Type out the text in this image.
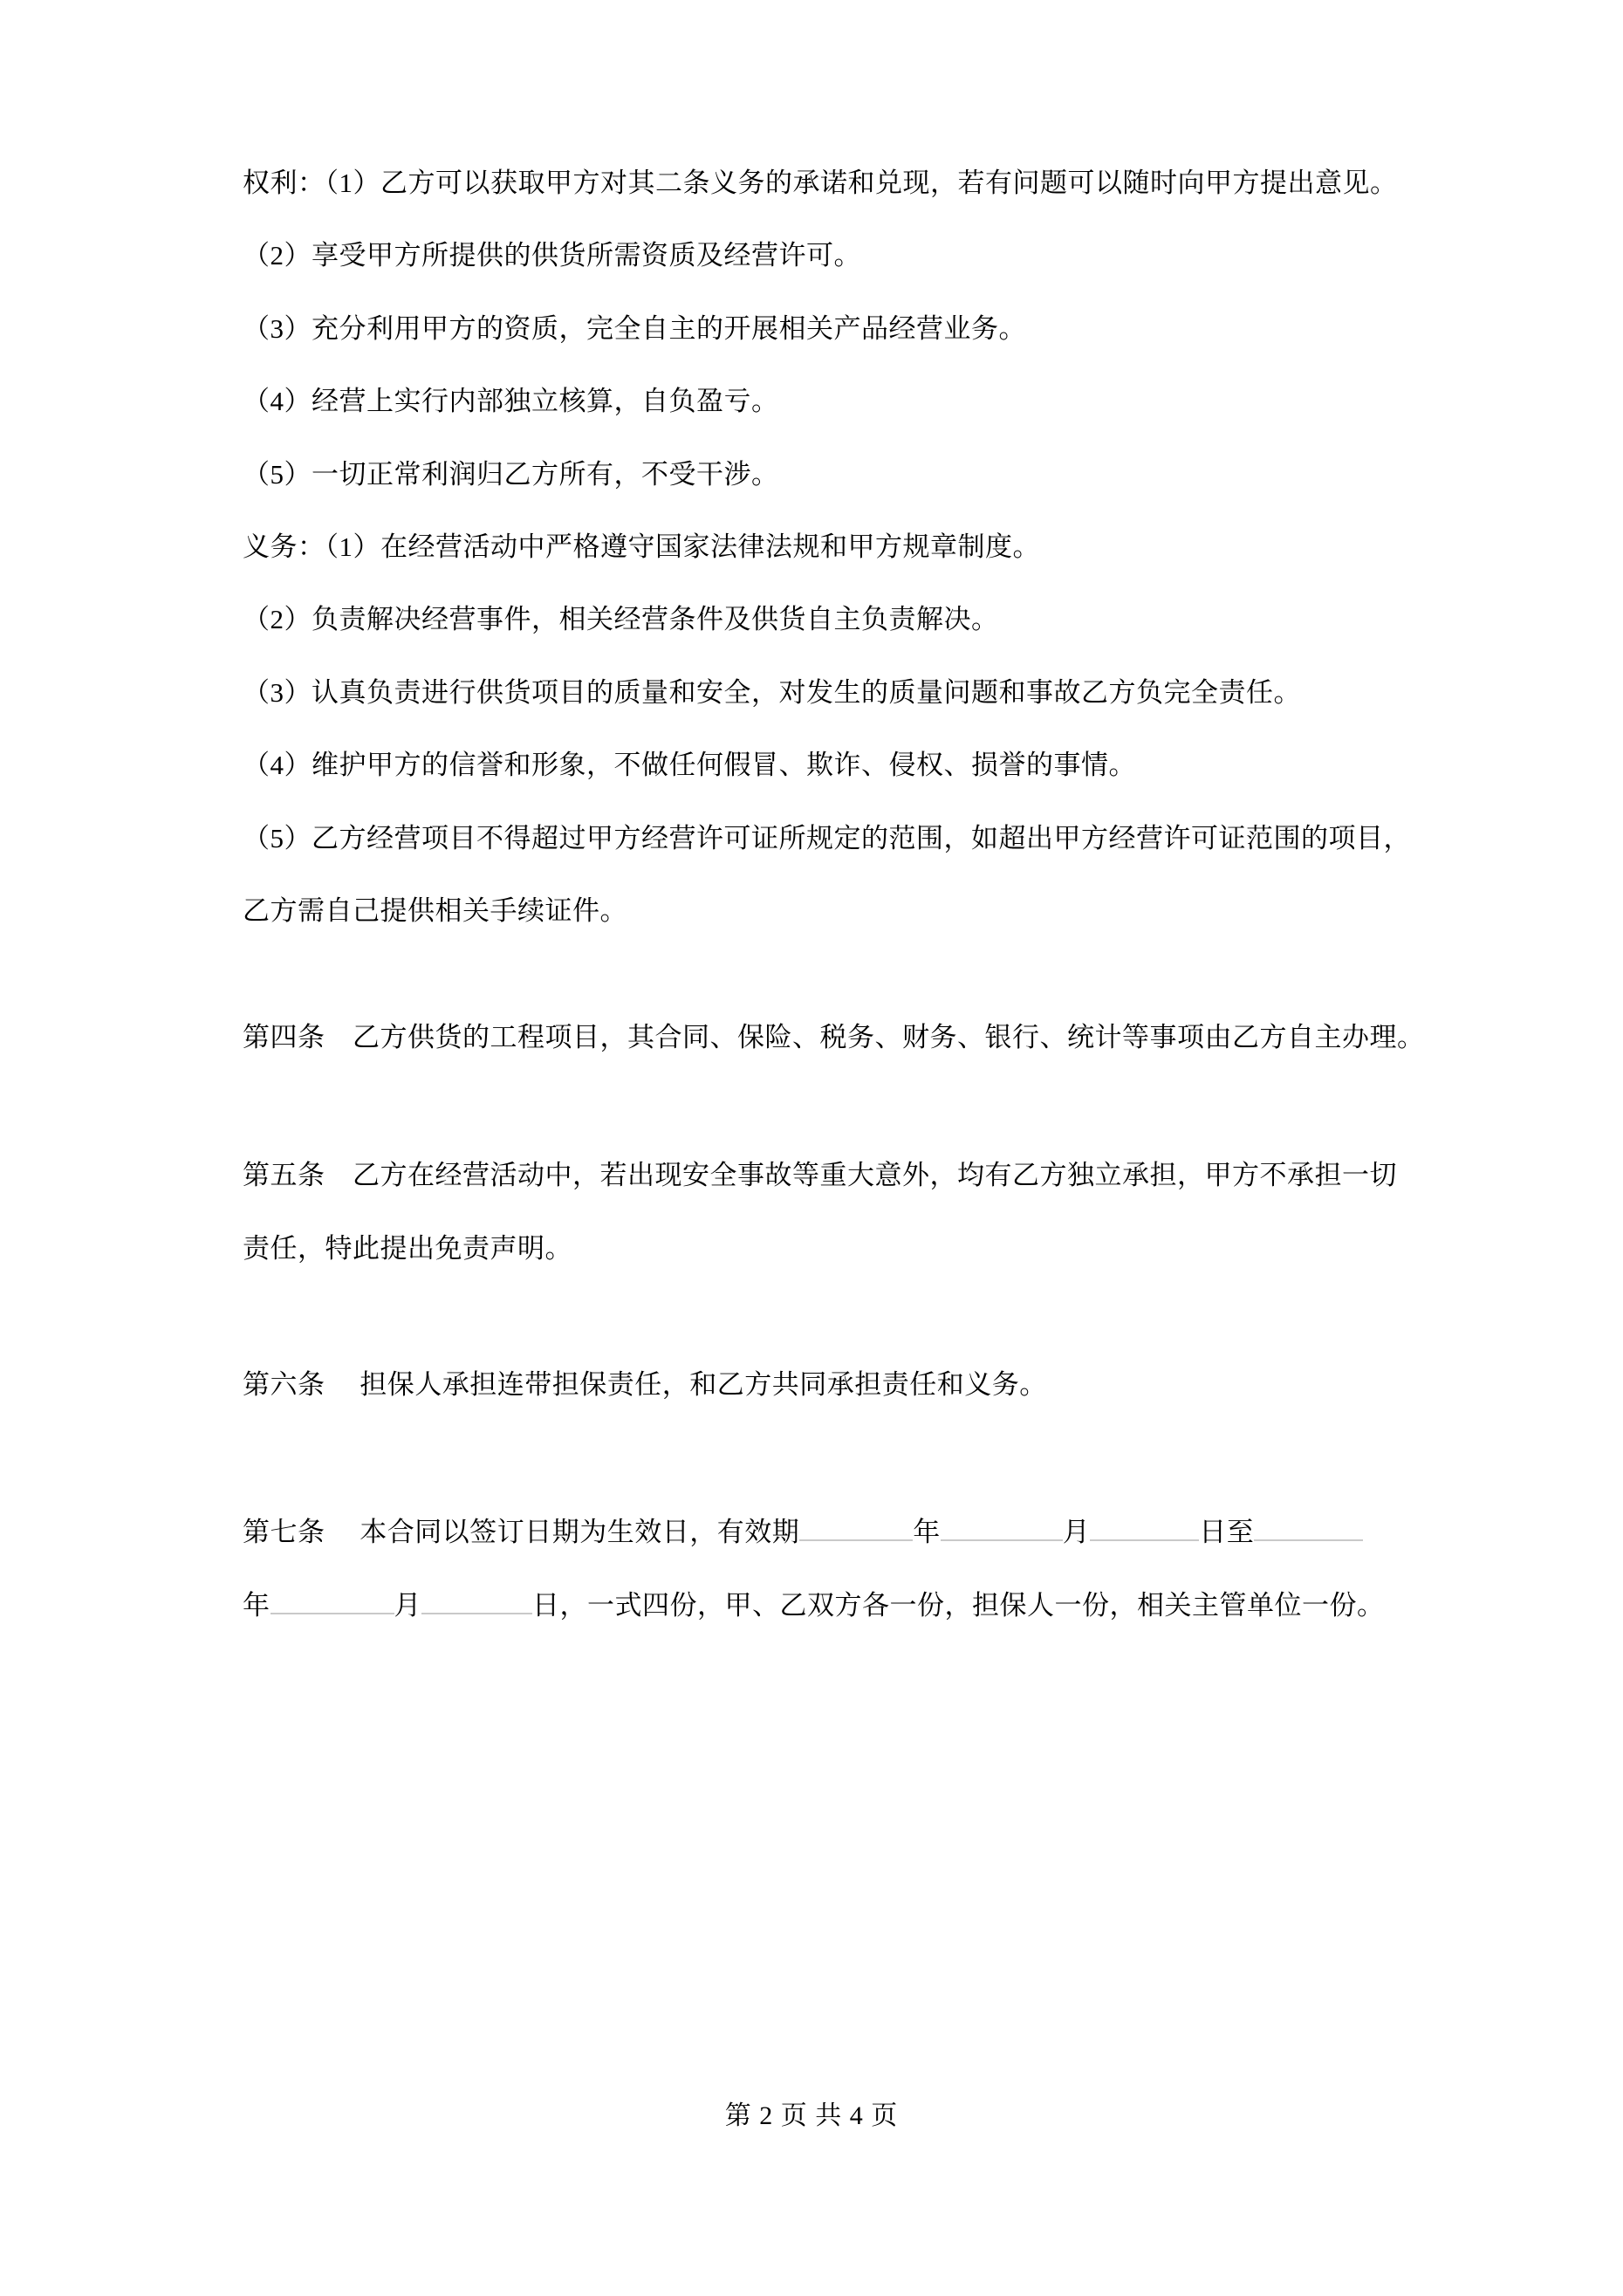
权利：（1）乙方可以获取甲方对其二条义务的承诺和兑现，若有问题可以随时向甲方提出意见。
（2）享受甲方所提供的供货所需资质及经营许可。
（3）充分利用甲方的资质，完全自主的开展相关产品经营业务。
（4）经营上实行内部独立核算，自负盈亏。
（5）一切正常利润归乙方所有，不受干涉。
义务：（1）在经营活动中严格遵守国家法律法规和甲方规章制度。
（2）负责解决经营事件，相关经营条件及供货自主负责解决。
（3）认真负责进行供货项目的质量和安全，对发生的质量问题和事故乙方负完全责任。
（4）维护甲方的信誉和形象，不做任何假冒、欺诈、侵权、损誉的事情。
（5）乙方经营项目不得超过甲方经营许可证所规定的范围，如超出甲方经营许可证范围的项目，
乙方需自己提供相关手续证件。
第四条　乙方供货的工程项目，其合同、保险、税务、财务、银行、统计等事项由乙方自主办理。
第五条　乙方在经营活动中，若出现安全事故等重大意外，均有乙方独立承担，甲方不承担一切
责任，特此提出免责声明。
第六条　 担保人承担连带担保责任，和乙方共同承担责任和义务。
第七条　 本合同以签订日期为生效日，有效期	年	月	日至
年	月	日，一式四份，甲、乙双方各一份，担保人一份，相关主管单位一份。
第 2 页 共 4 页
